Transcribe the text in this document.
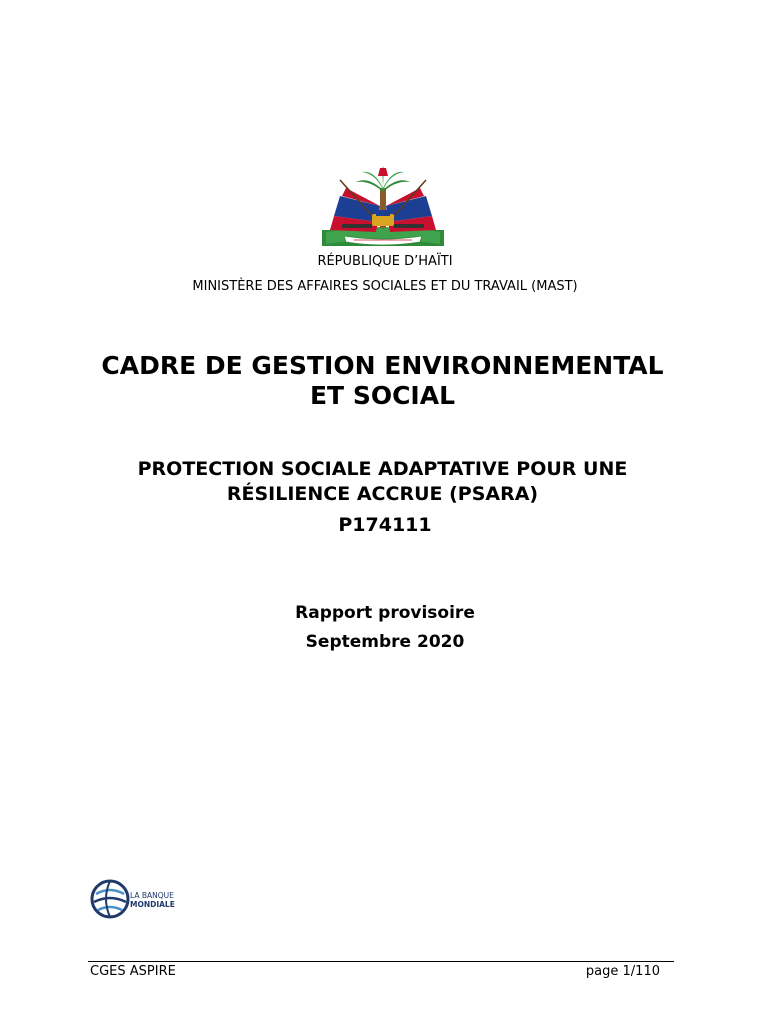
RÉPUBLIQUE D’HAÏTI
MINISTÈRE DES AFFAIRES SOCIALES ET DU TRAVAIL (MAST)
CADRE DE GESTION ENVIRONNEMENTAL
ET SOCIAL
PROTECTION SOCIALE ADAPTATIVE POUR UNE
RÉSILIENCE ACCRUE (PSARA)
P174111
Rapport provisoire
Septembre 2020
LA BANQUE
MONDIALE
CGES ASPIRE	page 1/110
